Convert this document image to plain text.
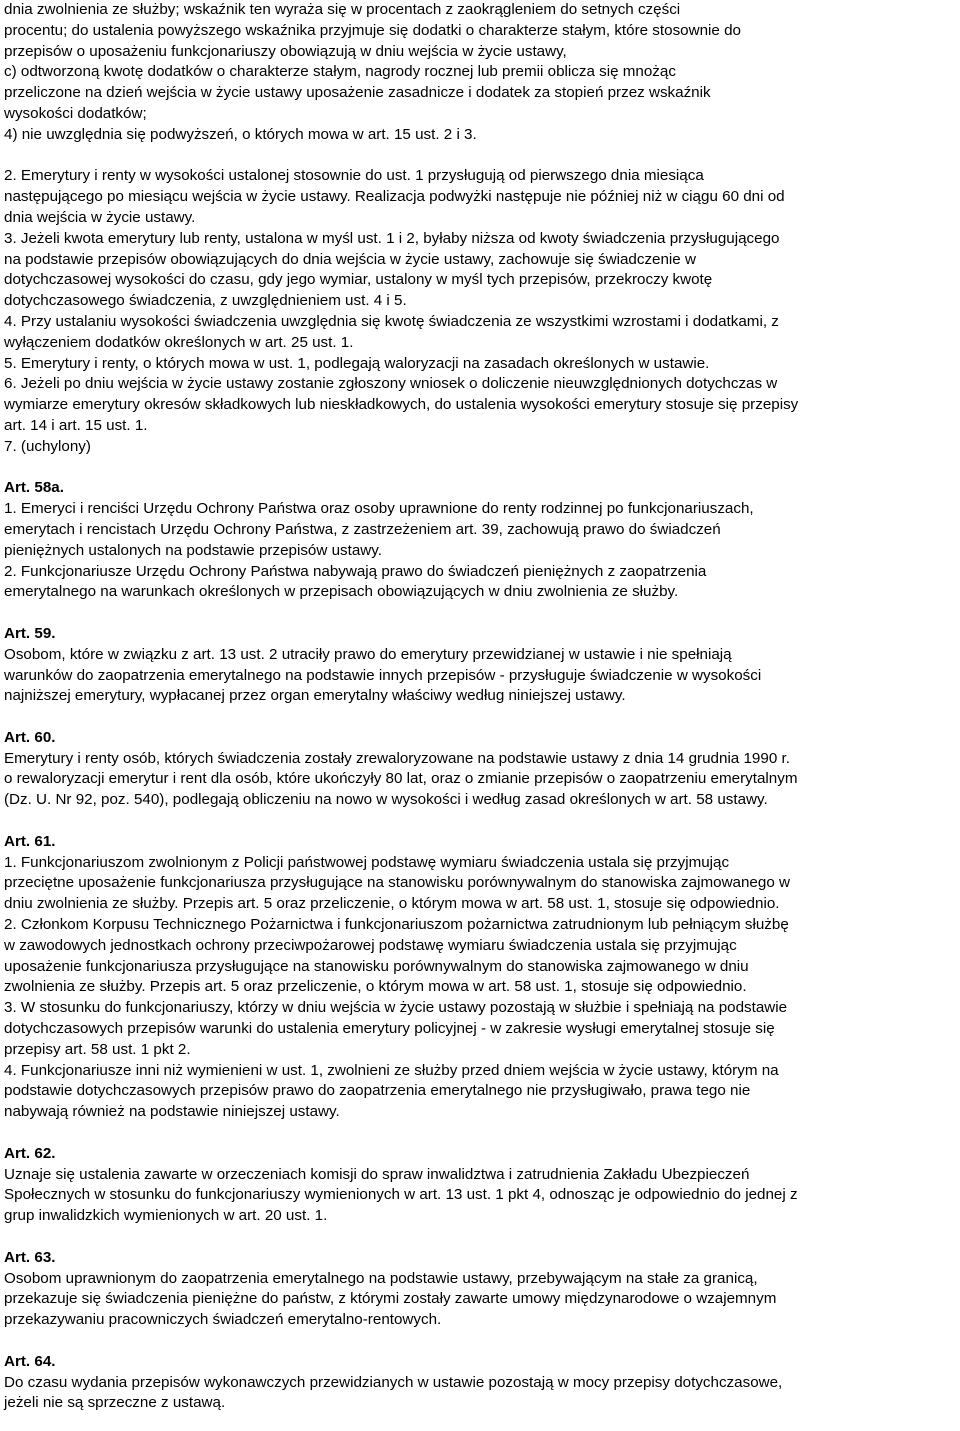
dnia zwolnienia ze służby; wskaźnik ten wyraża się w procentach z zaokrągleniem do setnych części

procentu; do ustalenia powyższego wskaźnika przyjmuje się dodatki o charakterze stałym, które stosownie do

przepisów o uposażeniu funkcjonariuszy obowiązują w dniu wejścia w życie ustawy,

c) odtworzoną kwotę dodatków o charakterze stałym, nagrody rocznej lub premii oblicza się mnożąc

przeliczone na dzień wejścia w życie ustawy uposażenie zasadnicze i dodatek za stopień przez wskaźnik

wysokości dodatków;

4) nie uwzględnia się podwyższeń, o których mowa w art. 15 ust. 2 i 3.

2. Emerytury i renty w wysokości ustalonej stosownie do ust. 1 przysługują od pierwszego dnia miesiąca

następującego po miesiącu wejścia w życie ustawy. Realizacja podwyżki następuje nie później niż w ciągu 60 dni od

dnia wejścia w życie ustawy.

3. Jeżeli kwota emerytury lub renty, ustalona w myśl ust. 1 i 2, byłaby niższa od kwoty świadczenia przysługującego

na podstawie przepisów obowiązujących do dnia wejścia w życie ustawy, zachowuje się świadczenie w

dotychczasowej wysokości do czasu, gdy jego wymiar, ustalony w myśl tych przepisów, przekroczy kwotę

dotychczasowego świadczenia, z uwzględnieniem ust. 4 i 5.

4. Przy ustalaniu wysokości świadczenia uwzględnia się kwotę świadczenia ze wszystkimi wzrostami i dodatkami, z

wyłączeniem dodatków określonych w art. 25 ust. 1.

5. Emerytury i renty, o których mowa w ust. 1, podlegają waloryzacji na zasadach określonych w ustawie.

6. Jeżeli po dniu wejścia w życie ustawy zostanie zgłoszony wniosek o doliczenie nieuwzględnionych dotychczas w

wymiarze emerytury okresów składkowych lub nieskładkowych, do ustalenia wysokości emerytury stosuje się przepisy

art. 14 i art. 15 ust. 1.

7. (uchylony)

Art. 58a.

1. Emeryci i renciści Urzędu Ochrony Państwa oraz osoby uprawnione do renty rodzinnej po funkcjonariuszach,

emerytach i rencistach Urzędu Ochrony Państwa, z zastrzeżeniem art. 39, zachowują prawo do świadczeń

pieniężnych ustalonych na podstawie przepisów ustawy.

2. Funkcjonariusze Urzędu Ochrony Państwa nabywają prawo do świadczeń pieniężnych z zaopatrzenia

emerytalnego na warunkach określonych w przepisach obowiązujących w dniu zwolnienia ze służby.

Art. 59.

Osobom, które w związku z art. 13 ust. 2 utraciły prawo do emerytury przewidzianej w ustawie i nie spełniają

warunków do zaopatrzenia emerytalnego na podstawie innych przepisów - przysługuje świadczenie w wysokości

najniższej emerytury, wypłacanej przez organ emerytalny właściwy według niniejszej ustawy.

Art. 60.

Emerytury i renty osób, których świadczenia zostały zrewaloryzowane na podstawie ustawy z dnia 14 grudnia 1990 r.

o rewaloryzacji emerytur i rent dla osób, które ukończyły 80 lat, oraz o zmianie przepisów o zaopatrzeniu emerytalnym

(Dz. U. Nr 92, poz. 540), podlegają obliczeniu na nowo w wysokości i według zasad określonych w art. 58 ustawy.

Art. 61.

1. Funkcjonariuszom zwolnionym z Policji państwowej podstawę wymiaru świadczenia ustala się przyjmując

przeciętne uposażenie funkcjonariusza przysługujące na stanowisku porównywalnym do stanowiska zajmowanego w

dniu zwolnienia ze służby. Przepis art. 5 oraz przeliczenie, o którym mowa w art. 58 ust. 1, stosuje się odpowiednio.

2. Członkom Korpusu Technicznego Pożarnictwa i funkcjonariuszom pożarnictwa zatrudnionym lub pełniącym służbę

w zawodowych jednostkach ochrony przeciwpożarowej podstawę wymiaru świadczenia ustala się przyjmując

uposażenie funkcjonariusza przysługujące na stanowisku porównywalnym do stanowiska zajmowanego w dniu

zwolnienia ze służby. Przepis art. 5 oraz przeliczenie, o którym mowa w art. 58 ust. 1, stosuje się odpowiednio.

3. W stosunku do funkcjonariuszy, którzy w dniu wejścia w życie ustawy pozostają w służbie i spełniają na podstawie

dotychczasowych przepisów warunki do ustalenia emerytury policyjnej - w zakresie wysługi emerytalnej stosuje się

przepisy art. 58 ust. 1 pkt 2.

4. Funkcjonariusze inni niż wymienieni w ust. 1, zwolnieni ze służby przed dniem wejścia w życie ustawy, którym na

podstawie dotychczasowych przepisów prawo do zaopatrzenia emerytalnego nie przysługiwało, prawa tego nie

nabywają również na podstawie niniejszej ustawy.

Art. 62.

Uznaje się ustalenia zawarte w orzeczeniach komisji do spraw inwalidztwa i zatrudnienia Zakładu Ubezpieczeń

Społecznych w stosunku do funkcjonariuszy wymienionych w art. 13 ust. 1 pkt 4, odnosząc je odpowiednio do jednej z

grup inwalidzkich wymienionych w art. 20 ust. 1.

Art. 63.

Osobom uprawnionym do zaopatrzenia emerytalnego na podstawie ustawy, przebywającym na stałe za granicą,

przekazuje się świadczenia pieniężne do państw, z którymi zostały zawarte umowy międzynarodowe o wzajemnym

przekazywaniu pracowniczych świadczeń emerytalno-rentowych.

Art. 64.

Do czasu wydania przepisów wykonawczych przewidzianych w ustawie pozostają w mocy przepisy dotychczasowe,

jeżeli nie są sprzeczne z ustawą.
